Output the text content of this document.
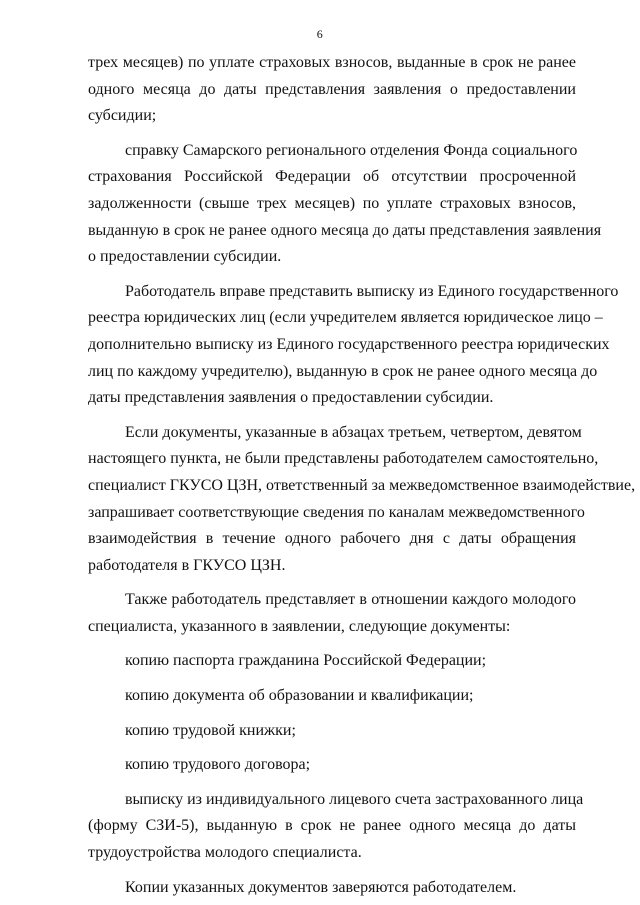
6

трех месяцев) по уплате страховых взносов, выданные в срок не ранее
одного месяца до даты представления заявления о предоставлении
субсидии;

справку Самарского регионального отделения Фонда социального
страхования Российской Федерации об отсутствии просроченной
задолженности (свыше трех месяцев) по уплате страховых взносов,
выданную в срок не ранее одного месяца до даты представления заявления
о предоставлении субсидии.

Работодатель вправе представить выписку из Единого государственного
реестра юридических лиц (если учредителем является юридическое лицо –
дополнительно выписку из Единого государственного реестра юридических
лиц по каждому учредителю), выданную в срок не ранее одного месяца до
даты представления заявления о предоставлении субсидии.

Если документы, указанные в абзацах третьем, четвертом, девятом
настоящего пункта, не были представлены работодателем самостоятельно,
специалист ГКУСО ЦЗН, ответственный за межведомственное взаимодействие,
запрашивает соответствующие сведения по каналам межведомственного
взаимодействия в течение одного рабочего дня с даты обращения
работодателя в ГКУСО ЦЗН.

Также работодатель представляет в отношении каждого молодого
специалиста, указанного в заявлении, следующие документы:

копию паспорта гражданина Российской Федерации;

копию документа об образовании и квалификации;

копию трудовой книжки;

копию трудового договора;

выписку из индивидуального лицевого счета застрахованного лица
(форму СЗИ-5), выданную в срок не ранее одного месяца до даты
трудоустройства молодого специалиста.

Копии указанных документов заверяются работодателем.
